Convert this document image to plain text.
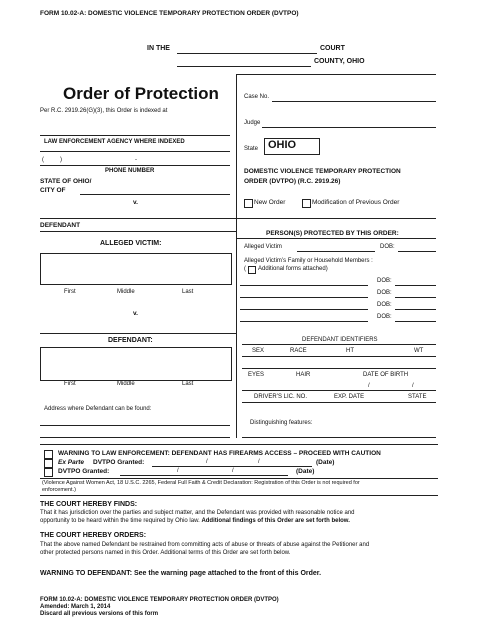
FORM 10.02-A: DOMESTIC VIOLENCE TEMPORARY PROTECTION ORDER (DVTPO)
IN THE	COURT
COUNTY, OHIO
Order of Protection
Per R.C. 2919.26(G)(3), this Order is indexed at
LAW ENFORCEMENT AGENCY WHERE INDEXED
(	)	-
PHONE NUMBER
STATE OF OHIO/
CITY OF
v.
DEFENDANT
ALLEGED VICTIM:
First	Middle	Last
v.
DEFENDANT:
First	Middle	Last
Address where Defendant can be found:
Case No.
Judge
State OHIO
DOMESTIC VIOLENCE TEMPORARY PROTECTION
ORDER (DVTPO) (R.C. 2919.26)
New Order	Modification of Previous Order
PERSON(S) PROTECTED BY THIS ORDER:
Alleged Victim	DOB:
Alleged Victim’s Family or Household Members :
( Additional forms attached)
DOB:
DOB:
DOB:
DOB:
DEFENDANT IDENTIFIERS
SEX	RACE	HT	WT
EYES	HAIR	DATE OF BIRTH
/	/
DRIVER’S LIC. NO.	EXP. DATE	STATE
Distinguishing features:
WARNING TO LAW ENFORCEMENT: DEFENDANT HAS FIREARMS ACCESS – PROCEED WITH CAUTION
Ex Parte DVTPO Granted:	/	/	(Date)
DVTPO Granted:	/	/	(Date)
(Violence Against Women Act, 18 U.S.C. 2265, Federal Full Faith & Credit Declaration: Registration of this Order is not required for
enforcement.)
THE COURT HEREBY FINDS:
That it has jurisdiction over the parties and subject matter, and the Defendant was provided with reasonable notice and
opportunity to be heard within the time required by Ohio law. Additional findings of this Order are set forth below.
THE COURT HEREBY ORDERS:
That the above named Defendant be restrained from committing acts of abuse or threats of abuse against the Petitioner and
other protected persons named in this Order. Additional terms of this Order are set forth below.
WARNING TO DEFENDANT: See the warning page attached to the front of this Order.
FORM 10.02-A: DOMESTIC VIOLENCE TEMPORARY PROTECTION ORDER (DVTPO)
Amended: March 1, 2014
Discard all previous versions of this form
